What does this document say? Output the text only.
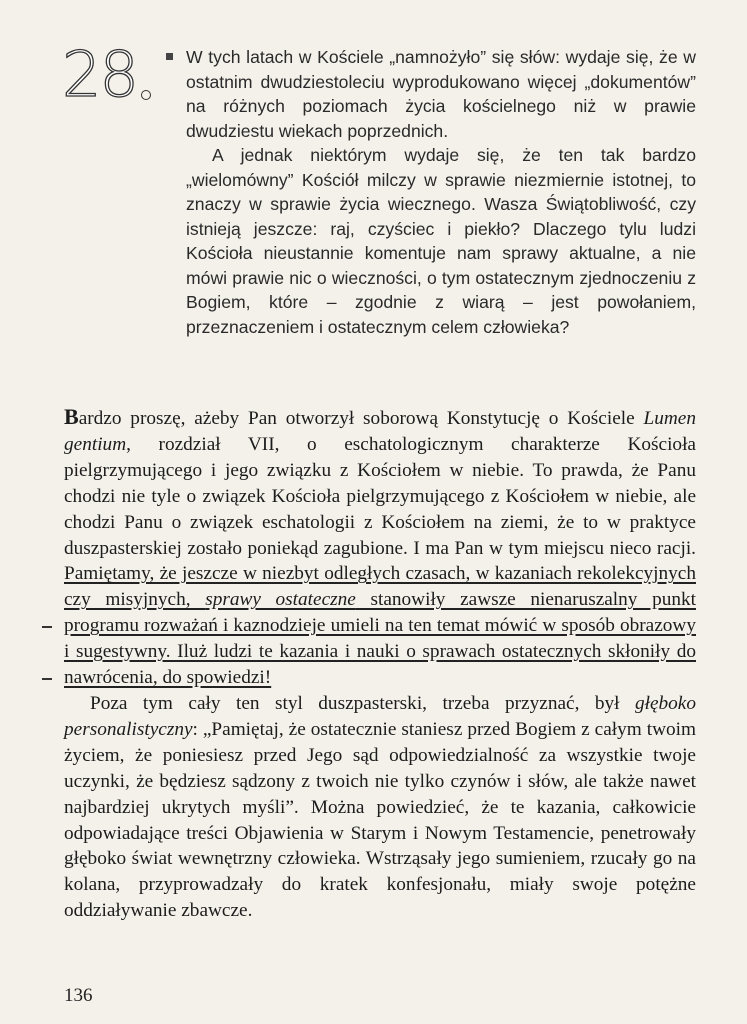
28	W tych latach w Kościele „namnożyło” się słów: wydaje się, że w ostatnim dwudziestoleciu wyprodukowano więcej „dokumentów” na różnych poziomach życia kościelnego niż w prawie dwudziestu wiekach poprzednich.

A jednak niektórym wydaje się, że ten tak bardzo „wielomówny” Kościół milczy w sprawie niezmiernie istotnej, to znaczy w sprawie życia wiecznego. Wasza Świątobliwość, czy istnieją jeszcze: raj, czyściec i piekło? Dlaczego tylu ludzi Kościoła nieustannie komentuje nam sprawy aktualne, a nie mówi prawie nic o wieczności, o tym ostatecznym zjednoczeniu z Bogiem, które – zgodnie z wiarą – jest powołaniem, przeznaczeniem i ostatecznym celem człowieka?

Bardzo proszę, ażeby Pan otworzył soborową Konstytucję o Kościele Lumen gentium, rozdział VII, o eschatologicznym charakterze Kościoła pielgrzymującego i jego związku z Kościołem w niebie. To prawda, że Panu chodzi nie tyle o związek Kościoła pielgrzymującego z Kościołem w niebie, ale chodzi Panu o związek eschatologii z Kościołem na ziemi, że to w praktyce duszpasterskiej zostało poniekąd zagubione. I ma Pan w tym miejscu nieco racji. Pamiętamy, że jeszcze w niezbyt odległych czasach, w kazaniach rekolekcyjnych czy misyjnych, sprawy ostateczne stanowiły zawsze nienaruszalny punkt programu rozważań i kaznodzieje umieli na ten temat mówić w sposób obrazowy i sugestywny. Iluż ludzi te kazania i nauki o sprawach ostatecznych skłoniły do nawrócenia, do spowiedzi!

Poza tym cały ten styl duszpasterski, trzeba przyznać, był głęboko personalistyczny: „Pamiętaj, że ostatecznie staniesz przed Bogiem z całym twoim życiem, że poniesiesz przed Jego sąd odpowiedzialność za wszystkie twoje uczynki, że będziesz sądzony z twoich nie tylko czynów i słów, ale także nawet najbardziej ukrytych myśli”. Można powiedzieć, że te kazania, całkowicie odpowiadające treści Objawienia w Starym i Nowym Testamencie, penetrowały głęboko świat wewnętrzny człowieka. Wstrząsały jego sumieniem, rzucały go na kolana, przyprowadzały do kratek konfesjonału, miały swoje potężne oddziaływanie zbawcze.

136
